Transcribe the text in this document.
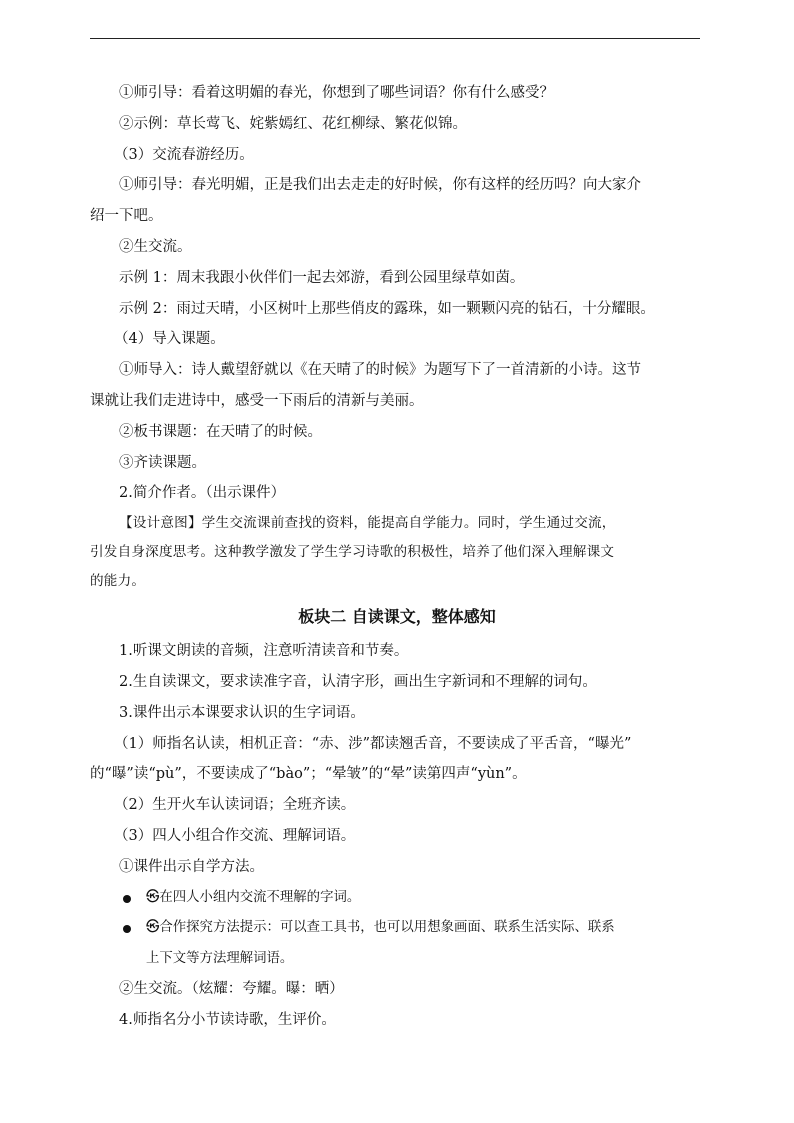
①师引导：看着这明媚的春光，你想到了哪些词语？你有什么感受？
②示例：草长莺飞、姹紫嫣红、花红柳绿、繁花似锦。
（3）交流春游经历。
①师引导：春光明媚，正是我们出去走走的好时候，你有这样的经历吗？向大家介
绍一下吧。
②生交流。
示例 1：周末我跟小伙伴们一起去郊游，看到公园里绿草如茵。
示例 2：雨过天晴，小区树叶上那些俏皮的露珠，如一颗颗闪亮的钻石，十分耀眼。
（4）导入课题。
①师导入：诗人戴望舒就以《在天晴了的时候》为题写下了一首清新的小诗。这节
课就让我们走进诗中，感受一下雨后的清新与美丽。
②板书课题：在天晴了的时候。
③齐读课题。
2.简介作者。（出示课件）
【设计意图】学生交流课前查找的资料，能提高自学能力。同时，学生通过交流，
引发自身深度思考。这种教学激发了学生学习诗歌的积极性，培养了他们深入理解课文
的能力。
板块二 自读课文，整体感知
1.听课文朗读的音频，注意听清读音和节奏。
2.生自读课文，要求读准字音，认清字形，画出生字新词和不理解的词句。
3.课件出示本课要求认识的生字词语。
（1）师指名认读，相机正音：“赤、涉”都读翘舌音，不要读成了平舌音，“曝光”
的“曝”读“pù”，不要读成了“bào”；“晕皱”的“晕”读第四声“yùn”。
（2）生开火车认读词语；全班齐读。
（3）四人小组合作交流、理解词语。
①课件出示自学方法。
㉿在四人小组内交流不理解的字词。
㉿合作探究方法提示：可以查工具书，也可以用想象画面、联系生活实际、联系
上下文等方法理解词语。
②生交流。（炫耀：夸耀。曝：晒）
4.师指名分小节读诗歌，生评价。
